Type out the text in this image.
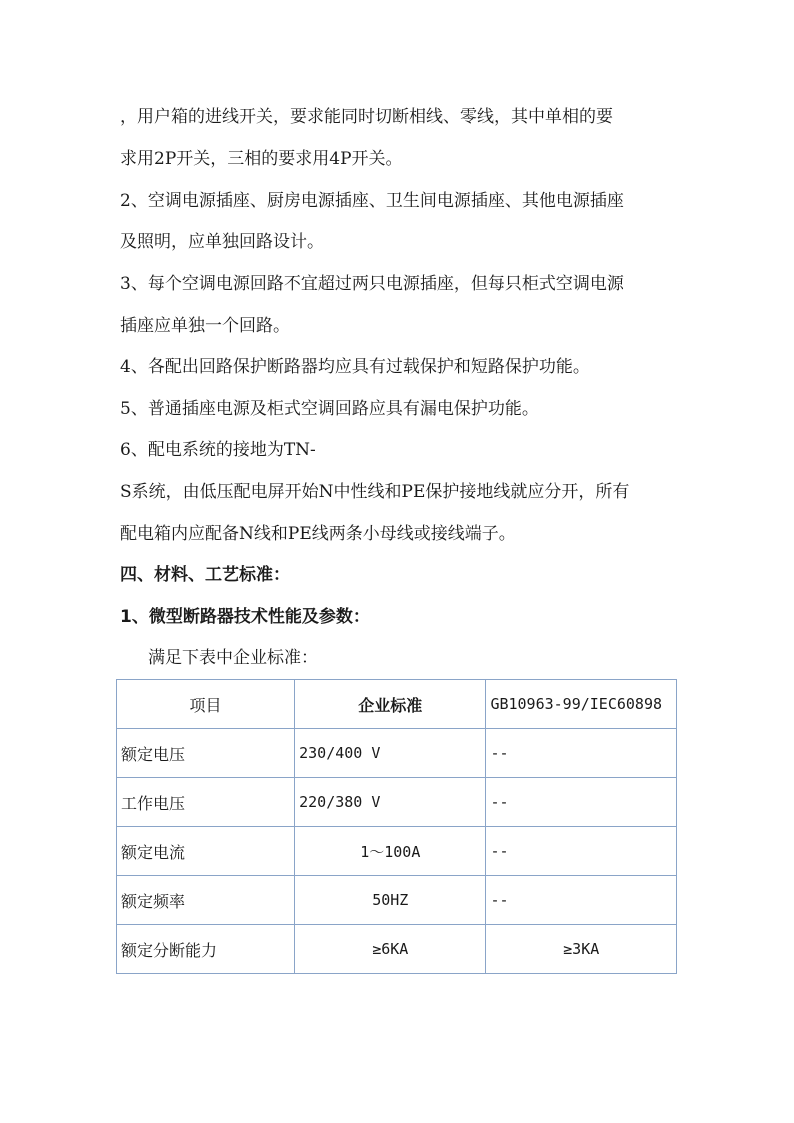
，用户箱的进线开关，要求能同时切断相线、零线，其中单相的要
求用2P开关，三相的要求用4P开关。
2、空调电源插座、厨房电源插座、卫生间电源插座、其他电源插座
及照明，应单独回路设计。
3、每个空调电源回路不宜超过两只电源插座，但每只柜式空调电源
插座应单独一个回路。
4、各配出回路保护断路器均应具有过载保护和短路保护功能。
5、普通插座电源及柜式空调回路应具有漏电保护功能。
6、配电系统的接地为TN-
S系统，由低压配电屏开始N中性线和PE保护接地线就应分开，所有
配电箱内应配备N线和PE线两条小母线或接线端子。
四、材料、工艺标准：
1、微型断路器技术性能及参数：
满足下表中企业标准：
项目	企业标准	GB10963-99/IEC60898
额定电压	230/400 V	--
工作电压	220/380 V	--
额定电流	1～100A	--
额定频率	50HZ	--
额定分断能力	≥6KA	≥3KA
